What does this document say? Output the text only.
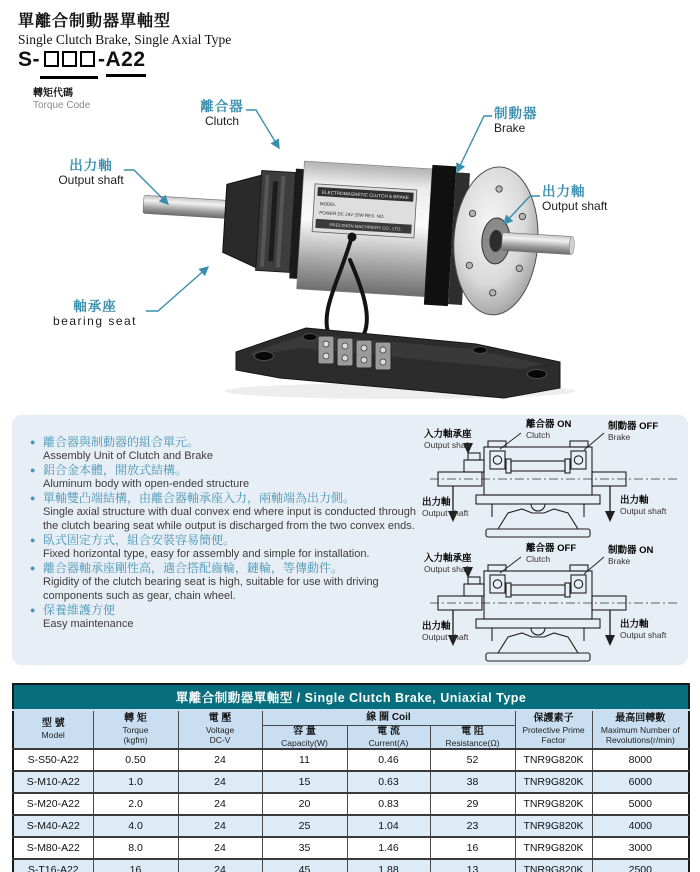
單離合制動器單軸型
Single Clutch Brake, Single Axial Type
S-	-A22
轉矩代碼
Torque Code
ELECTROMAGNETIC CLUTCH & BRAKE
MODEL
POWER DC 24V 20W REX. NO.
PRECISION MACHINERY CO., LTD.
離合器
Clutch	制動器
Brake
出力軸
Output shaft
出力軸
Output shaft
軸承座
bearing seat
● 離合器與制動器的組合單元。
Assembly Unit of Clutch and Brake
● 鋁合金本體，開放式結構。
Aluminum body with open-ended structure
● 單軸雙凸端結構，由離合器軸承座入力，兩軸端為出力側。
Single axial structure with dual convex end where input is conducted through the clutch bearing seat while output is discharged from the two convex ends.
● 臥式固定方式，組合安裝容易簡便。
Fixed horizontal type, easy for assembly and simple for installation.
● 離合器軸承座剛性高，適合搭配齒輪，鏈輪，等傳動件。
Rigidity of the clutch bearing seat is high, suitable for use with driving components such as gear, chain wheel.
● 保養維護方便
Easy maintenance
入力軸承座
Output shaft
離合器 ON
Clutch
制動器 OFF
Brake
出力軸
Output shaft
出力軸
Output shaft
入力軸承座
Output shaft
離合器 OFF
Clutch
制動器 ON
Brake
出力軸
Output shaft
出力軸
Output shaft
單離合制動器單軸型 / Single Clutch Brake, Uniaxial Type							

型 號
Model

轉 矩
Torque
(kgfm)

電 壓
Voltage
DC-V

線 圈 Coil	保護素子
Protective Prime
Factor

最高回轉數
Maximum Number of
Revolutions(r/min)

容 量
Capacity(W)

電 流
Current(A)

電 阻
Resistance(Ω)

S-S50-A22	0.50	24	11	0.46	52	TNR9G820K	8000
S-M10-A22	1.0	24	15	0.63	38	TNR9G820K	6000
S-M20-A22	2.0	24	20	0.83	29	TNR9G820K	5000
S-M40-A22	4.0	24	25	1.04	23	TNR9G820K	4000
S-M80-A22	8.0	24	35	1.46	16	TNR9G820K	3000
S-T16-A22	16	24	45	1.88	13	TNR9G820K	2500
